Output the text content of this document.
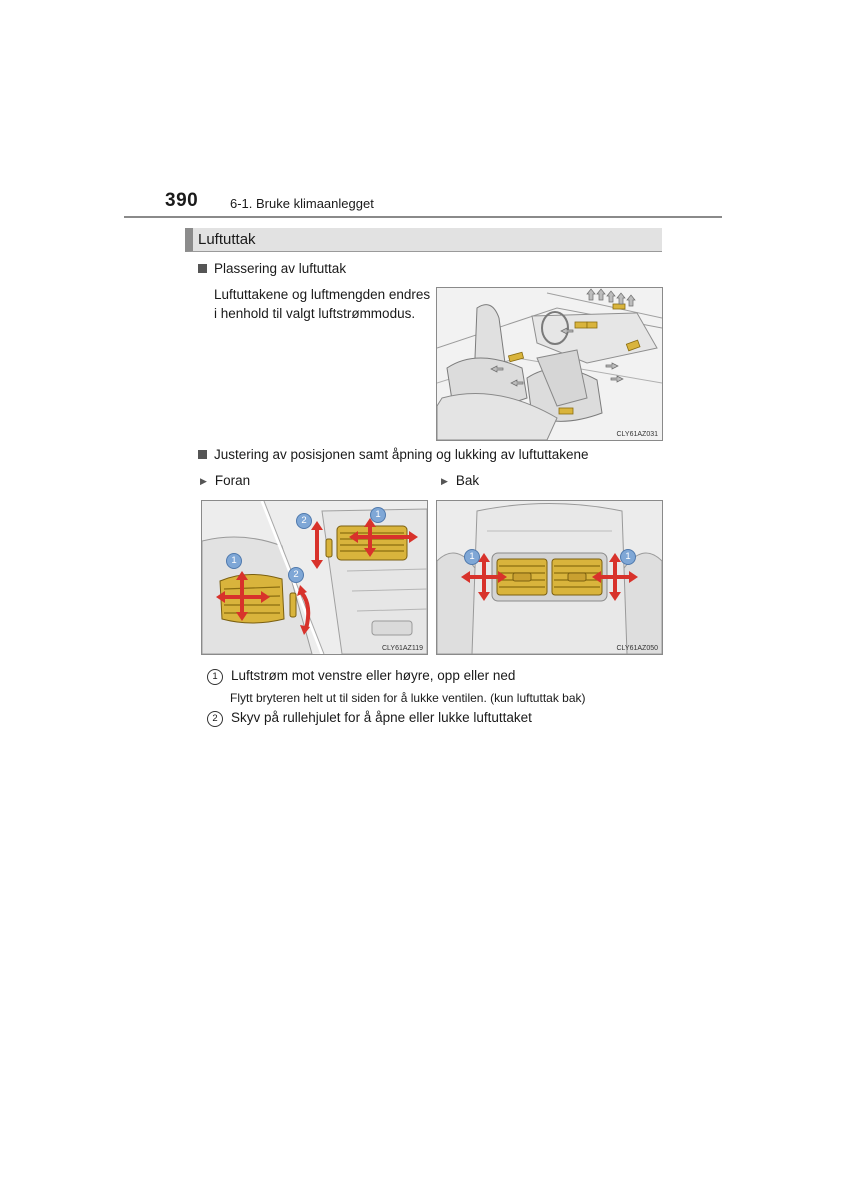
390 6-1. Bruke klimaanlegget
Luftuttak
Plassering av luftuttak
Luftuttakene og luftmengden endres
i henhold til valgt luftstrømmodus.
CLY61AZ031
Justering av posisjonen samt åpning og lukking av luftuttakene
▶ Foran	▶ Bak
1
2
1
2
CLY61AZ119
1	1
CLY61AZ050
1 Luftstrøm mot venstre eller høyre, opp eller ned
Flytt bryteren helt ut til siden for å lukke ventilen. (kun luftuttak bak)
2 Skyv på rullehjulet for å åpne eller lukke luftuttaket
